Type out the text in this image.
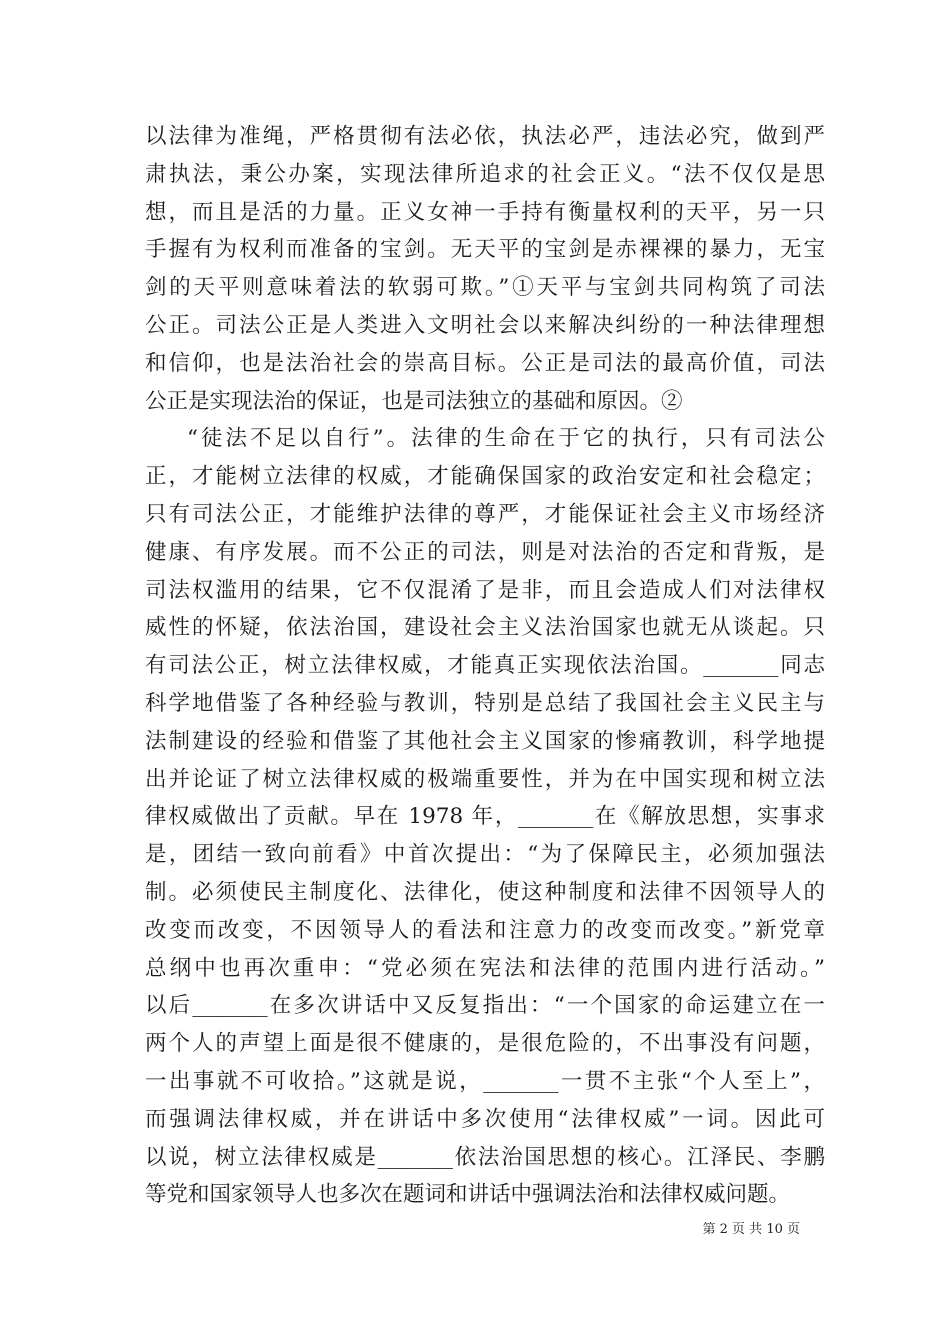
以法律为准绳，严格贯彻有法必依，执法必严，违法必究，做到严
肃执法，秉公办案，实现法律所追求的社会正义。“法不仅仅是思
想，而且是活的力量。正义女神一手持有衡量权利的天平，另一只
手握有为权利而准备的宝剑。无天平的宝剑是赤裸裸的暴力，无宝
剑的天平则意味着法的软弱可欺。”①天平与宝剑共同构筑了司法
公正。司法公正是人类进入文明社会以来解决纠纷的一种法律理想
和信仰，也是法治社会的崇高目标。公正是司法的最高价值，司法
公正是实现法治的保证，也是司法独立的基础和原因。②
“徒法不足以自行”。法律的生命在于它的执行，只有司法公
正，才能树立法律的权威，才能确保国家的政治安定和社会稳定；
只有司法公正，才能维护法律的尊严，才能保证社会主义市场经济
健康、有序发展。而不公正的司法，则是对法治的否定和背叛，是
司法权滥用的结果，它不仅混淆了是非，而且会造成人们对法律权
威性的怀疑，依法治国，建设社会主义法治国家也就无从谈起。只
有司法公正，树立法律权威，才能真正实现依法治国。_______同志
科学地借鉴了各种经验与教训，特别是总结了我国社会主义民主与
法制建设的经验和借鉴了其他社会主义国家的惨痛教训，科学地提
出并论证了树立法律权威的极端重要性，并为在中国实现和树立法
律权威做出了贡献。早在 1978 年，_______在《解放思想，实事求
是，团结一致向前看》中首次提出：“为了保障民主，必须加强法
制。必须使民主制度化、法律化，使这种制度和法律不因领导人的
改变而改变，不因领导人的看法和注意力的改变而改变。”新党章
总纲中也再次重申：“党必须在宪法和法律的范围内进行活动。”
以后_______在多次讲话中又反复指出：“一个国家的命运建立在一
两个人的声望上面是很不健康的，是很危险的，不出事没有问题，
一出事就不可收拾。”这就是说，_______一贯不主张“个人至上”，
而强调法律权威，并在讲话中多次使用“法律权威”一词。因此可
以说，树立法律权威是_______依法治国思想的核心。江泽民、李鹏
等党和国家领导人也多次在题词和讲话中强调法治和法律权威问题。
第 2 页 共 10 页
